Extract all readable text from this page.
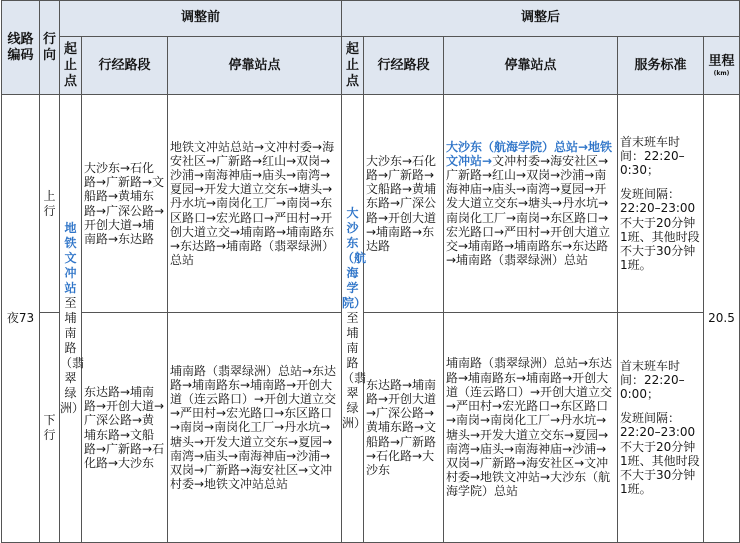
线路编码	行向	调整前			调整后				
		起止点	行经路段	停靠站点	起止点	行经路段	停靠站点	服务标准	里程
(km)

夜73	上行	地铁文冲站至埔南路（翡翠绿洲）	大沙东→石化路→广新路→文船路→黄埔东路→广深公路→开创大道→埔南路→东达路	地铁文冲站总站→文冲村委→海安社区→广新路→红山→双岗→沙浦→南海神庙→庙头→南湾→夏园→开发大道立交东→塘头→丹水坑→南岗化工厂→南岗→东区路口→宏光路口→严田村→开创大道立交→埔南路→埔南路东→东达路→埔南路（翡翠绿洲）总站	大沙东（航海学院）至埔南路（翡翠绿洲）	大沙东→石化路→广新路→文船路→黄埔东路→广深公路→开创大道→埔南路→东达路	大沙东（航海学院）总站→地铁文冲站→文冲村委→海安社区→广新路→红山→双岗→沙浦→南海神庙→庙头→南湾→夏园→开发大道立交东→塘头→丹水坑→南岗化工厂→南岗→东区路口→宏光路口→严田村→开创大道立交→埔南路→埔南路东→东达路→埔南路（翡翠绿洲）总站	首末班车时间：22:20–0:30；
发班间隔：22:20–23:00不大于20分钟1班、其他时段不大于30分钟1班。	20.5
	下行		东达路→埔南路→开创大道→广深公路→黄埔东路→文船路→广新路→石化路→大沙东	埔南路（翡翠绿洲）总站→东达路→埔南路东→埔南路→开创大道（连云路口）→开创大道立交→严田村→宏光路口→东区路口→南岗→南岗化工厂→丹水坑→塘头→开发大道立交东→夏园→南湾→庙头→南海神庙→沙浦→双岗→广新路→海安社区→文冲村委→地铁文冲站总站		东达路→埔南路→开创大道→广深公路→黄埔东路→文船路→广新路→石化路→大沙东	埔南路（翡翠绿洲）总站→东达路→埔南路东→埔南路→开创大道（连云路口）→开创大道立交→严田村→宏光路口→东区路口→南岗→南岗化工厂→丹水坑→塘头→开发大道立交东→夏园→南湾→庙头→南海神庙→沙浦→双岗→广新路→海安社区→文冲村委→地铁文冲站→大沙东（航海学院）总站	首末班车时间：22:20–0:00；
发班间隔：22:20–23:00不大于20分钟1班、其他时段不大于30分钟1班。	
